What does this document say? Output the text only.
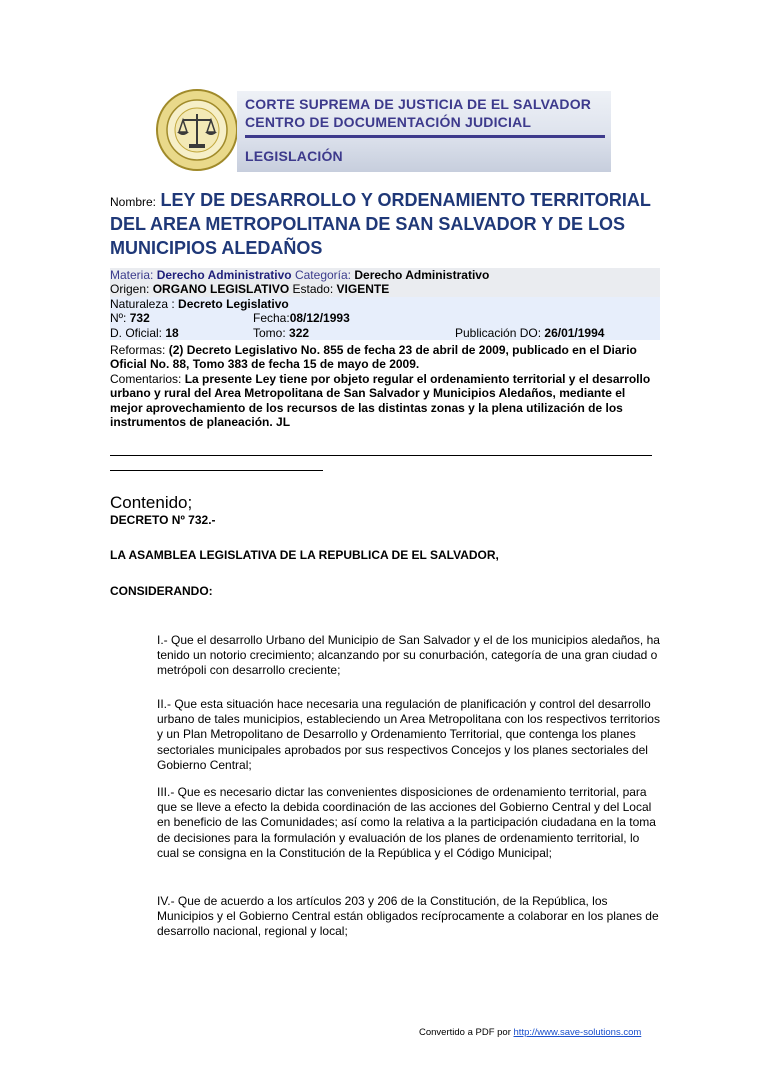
CORTE SUPREMA DE JUSTICIA DE EL SALVADOR
CENTRO DE DOCUMENTACIÓN JUDICIAL
LEGISLACIÓN
Nombre: LEY DE DESARROLLO Y ORDENAMIENTO TERRITORIAL DEL AREA METROPOLITANA DE SAN SALVADOR Y DE LOS MUNICIPIOS ALEDAÑOS
Materia: Derecho Administrativo Categoría: Derecho Administrativo
Origen: ORGANO LEGISLATIVO Estado: VIGENTE
Naturaleza : Decreto Legislativo
Nº: 732	Fecha:08/12/1993
D. Oficial: 18	Tomo: 322	Publicación DO: 26/01/1994
Reformas: (2) Decreto Legislativo No. 855 de fecha 23 de abril de 2009, publicado en el Diario Oficial No. 88, Tomo 383 de fecha 15 de mayo de 2009.
Comentarios: La presente Ley tiene por objeto regular el ordenamiento territorial y el desarrollo urbano y rural del Area Metropolitana de San Salvador y Municipios Aledaños, mediante el mejor aprovechamiento de los recursos de las distintas zonas y la plena utilización de los instrumentos de planeación. JL
Contenido;
DECRETO Nº 732.-
LA ASAMBLEA LEGISLATIVA DE LA REPUBLICA DE EL SALVADOR,
CONSIDERANDO:
I.- Que el desarrollo Urbano del Municipio de San Salvador y el de los municipios aledaños, ha tenido un notorio crecimiento; alcanzando por su conurbación, categoría de una gran ciudad o metrópoli con desarrollo creciente;
II.- Que esta situación hace necesaria una regulación de planificación y control del desarrollo urbano de tales municipios, estableciendo un Area Metropolitana con los respectivos territorios y un Plan Metropolitano de Desarrollo y Ordenamiento Territorial, que contenga los planes sectoriales municipales aprobados por sus respectivos Concejos y los planes sectoriales del Gobierno Central;
III.- Que es necesario dictar las convenientes disposiciones de ordenamiento territorial, para que se lleve a efecto la debida coordinación de las acciones del Gobierno Central y del Local en beneficio de las Comunidades; así como la relativa a la participación ciudadana en la toma de decisiones para la formulación y evaluación de los planes de ordenamiento territorial, lo cual se consigna en la Constitución de la República y el Código Municipal;
IV.- Que de acuerdo a los artículos 203 y 206 de la Constitución, de la República, los Municipios y el Gobierno Central están obligados recíprocamente a colaborar en los planes de desarrollo nacional, regional y local;
Convertido a PDF por http://www.save-solutions.com
